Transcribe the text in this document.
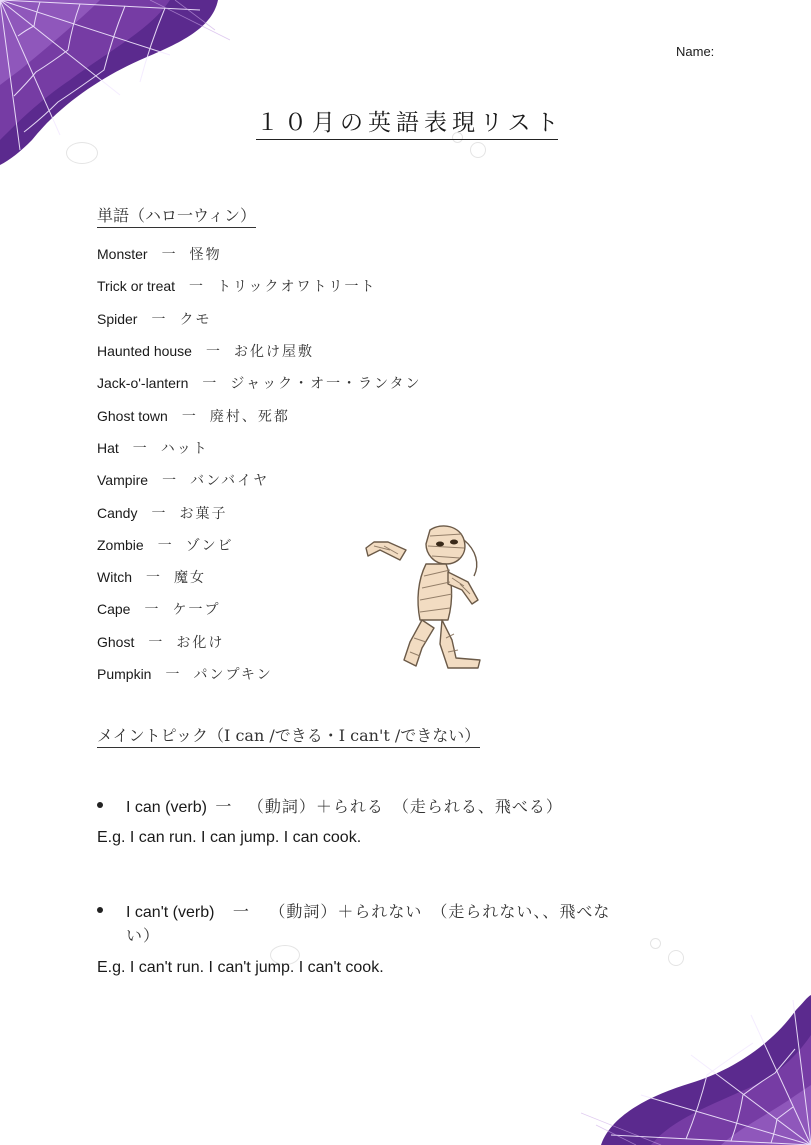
Name:
１０月の英語表現リスト
単語（ハロ一ウィン）
Monster 一 怪物
Trick or treat 一 トリックオワトリ一ト
Spider 一 クモ
Haunted house 一 お化け屋敷
Jack-o'-lantern 一 ジャック・オ一・ランタン
Ghost town 一 廃村、死都
Hat 一 ハット
Vampire 一 バンバイヤ
Candy 一 お菓子
Zombie 一 ゾンビ
Witch 一 魔女
Cape 一 ケ一プ
Ghost 一 お化け
Pumpkin 一 パンプキン
メイントピック（I can /できる・I can't /できない）
I can (verb) 一 （動詞）＋られる　（走られる、飛べる）
E.g. I can run. I can jump. I can cook.
I can't (verb) 一 （動詞）＋られない　（走られない、、飛べな
い）
E.g. I can't run. I can't jump. I can't cook.
